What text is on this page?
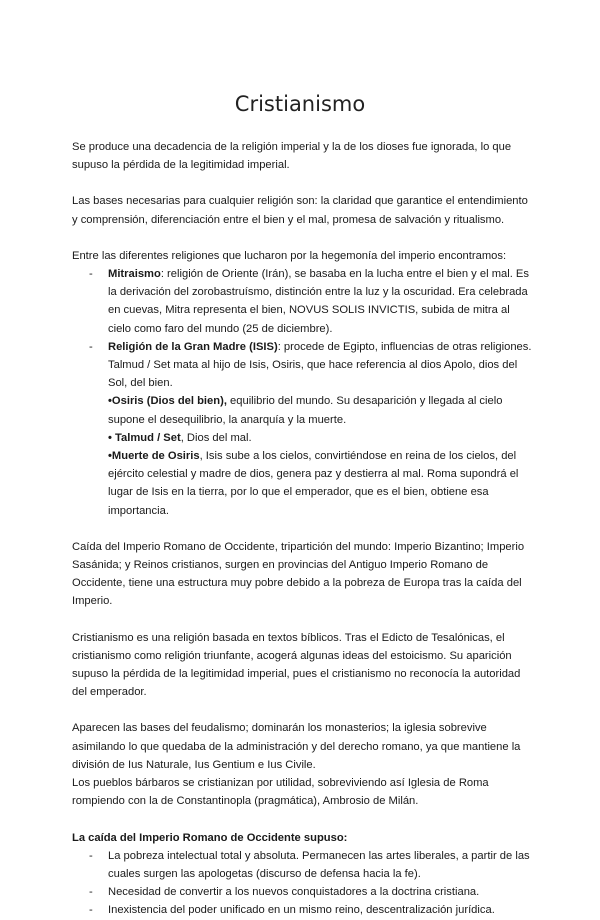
Cristianismo

Se produce una decadencia de la religión imperial y la de los dioses fue ignorada, lo que supuso la pérdida de la legitimidad imperial.

Las bases necesarias para cualquier religión son: la claridad que garantice el entendimiento y comprensión, diferenciación entre el bien y el mal, promesa de salvación y ritualismo.

Entre las diferentes religiones que lucharon por la hegemonía del imperio encontramos:

- Mitraismo: religión de Oriente (Irán), se basaba en la lucha entre el bien y el mal. Es la derivación del zorobastruísmo, distinción entre la luz y la oscuridad. Era celebrada en cuevas, Mitra representa el bien, NOVUS SOLIS INVICTIS, subida de mitra al cielo como faro del mundo (25 de diciembre).
- Religión de la Gran Madre (ISIS): procede de Egipto, influencias de otras religiones. Talmud / Set mata al hijo de Isis, Osiris, que hace referencia al dios Apolo, dios del Sol, del bien.

•Osiris (Dios del bien), equilibrio del mundo. Su desaparición y llegada al cielo supone el desequilibrio, la anarquía y la muerte.

• Talmud / Set, Dios del mal.

•Muerte de Osiris, Isis sube a los cielos, convirtiéndose en reina de los cielos, del ejército celestial y madre de dios, genera paz y destierra al mal. Roma supondrá el lugar de Isis en la tierra, por lo que el emperador, que es el bien, obtiene esa importancia.

Caída del Imperio Romano de Occidente, tripartición del mundo: Imperio Bizantino; Imperio Sasánida; y Reinos cristianos, surgen en provincias del Antiguo Imperio Romano de Occidente, tiene una estructura muy pobre debido a la pobreza de Europa tras la caída del Imperio.

Cristianismo es una religión basada en textos bíblicos. Tras el Edicto de Tesalónicas, el cristianismo como religión triunfante, acogerá algunas ideas del estoicismo. Su aparición supuso la pérdida de la legitimidad imperial, pues el cristianismo no reconocía la autoridad del emperador.

Aparecen las bases del feudalismo; dominarán los monasterios; la iglesia sobrevive asimilando lo que quedaba de la administración y del derecho romano, ya que mantiene la división de Ius Naturale, Ius Gentium e Ius Civile.

Los pueblos bárbaros se cristianizan por utilidad, sobreviviendo así Iglesia de Roma rompiendo con la de Constantinopla (pragmática), Ambrosio de Milán.

La caída del Imperio Romano de Occidente supuso:

- La pobreza intelectual total y absoluta. Permanecen las artes liberales, a partir de las cuales surgen las apologetas (discurso de defensa hacia la fe).
- Necesidad de convertir a los nuevos conquistadores a la doctrina cristiana.
- Inexistencia del poder unificado en un mismo reino, descentralización jurídica.
